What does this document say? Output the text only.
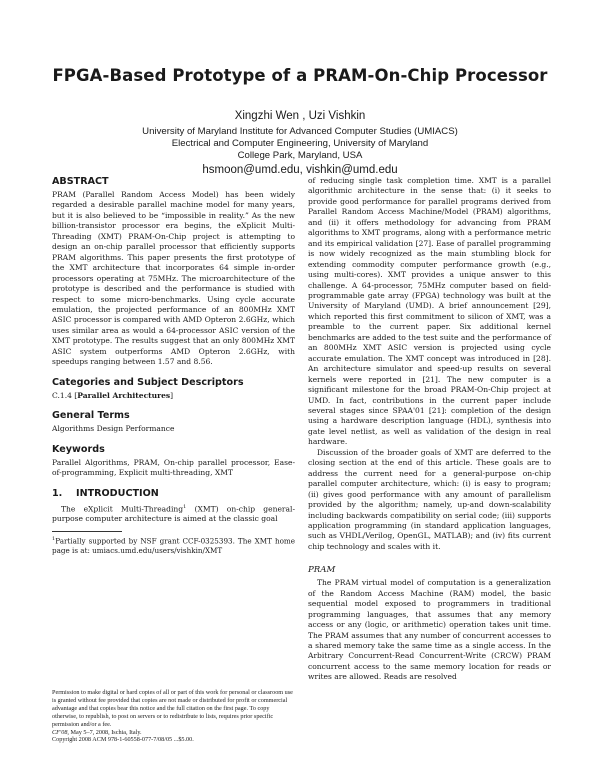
FPGA-Based Prototype of a PRAM-On-Chip Processor
Xingzhi Wen , Uzi Vishkin
University of Maryland Institute for Advanced Computer Studies (UMIACS)
Electrical and Computer Engineering, University of Maryland
College Park, Maryland, USA
hsmoon@umd.edu, vishkin@umd.edu
ABSTRACT

PRAM (Parallel Random Access Model) has been widely regarded a desirable parallel machine model for many years, but it is also believed to be “impossible in reality.” As the new billion-transistor processor era begins, the eXplicit Multi-Threading (XMT) PRAM-On-Chip project is attempting to design an on-chip parallel processor that efficiently supports PRAM algorithms. This paper presents the first prototype of the XMT architecture that incorporates 64 simple in-order processors operating at 75MHz. The microarchitecture of the prototype is described and the performance is studied with respect to some micro-benchmarks. Using cycle accurate emulation, the projected performance of an 800MHz XMT ASIC processor is compared with AMD Opteron 2.6GHz, which uses similar area as would a 64-processor ASIC version of the XMT prototype. The results suggest that an only 800MHz XMT ASIC system outperforms AMD Opteron 2.6GHz, with speedups ranging between 1.57 and 8.56.

Categories and Subject Descriptors

C.1.4 [Parallel Architectures]

General Terms

Algorithms Design Performance

Keywords

Parallel Algorithms, PRAM, On-chip parallel processor, Ease-of-programming, Explicit multi-threading, XMT

1. INTRODUCTION

The eXplicit Multi-Threading$^1$ (XMT) on-chip general-purpose computer architecture is aimed at the classic goal

$^1$Partially supported by NSF grant CCF-0325393. The XMT home page is at: umiacs.umd.edu/users/vishkin/XMT

Permission to make digital or hard copies of all or part of this work for personal or classroom use is granted without fee provided that copies are not made or distributed for profit or commercial advantage and that copies bear this notice and the full citation on the first page. To copy otherwise, to republish, to post on servers or to redistribute to lists, requires prior specific permission and/or a fee.

CF'08, May 5–7, 2008, Ischia, Italy.

Copyright 2008 ACM 978-1-60558-077-7/08/05 ...$5.00.

of reducing single task completion time. XMT is a parallel algorithmic architecture in the sense that: (i) it seeks to provide good performance for parallel programs derived from Parallel Random Access Machine/Model (PRAM) algorithms, and (ii) it offers methodology for advancing from PRAM algorithms to XMT programs, along with a performance metric and its empirical validation [27]. Ease of parallel programming is now widely recognized as the main stumbling block for extending commodity computer performance growth (e.g., using multi-cores). XMT provides a unique answer to this challenge. A 64-processor, 75MHz computer based on field-programmable gate array (FPGA) technology was built at the University of Maryland (UMD). A brief announcement [29], which reported this first commitment to silicon of XMT, was a preamble to the current paper. Six additional kernel benchmarks are added to the test suite and the performance of an 800MHz XMT ASIC version is projected using cycle accurate emulation. The XMT concept was introduced in [28]. An architecture simulator and speed-up results on several kernels were reported in [21]. The new computer is a significant milestone for the broad PRAM-On-Chip project at UMD. In fact, contributions in the current paper include several stages since SPAA'01 [21]: completion of the design using a hardware description language (HDL), synthesis into gate level netlist, as well as validation of the design in real hardware.

Discussion of the broader goals of XMT are deferred to the closing section at the end of this article. These goals are to address the current need for a general-purpose on-chip parallel computer architecture, which: (i) is easy to program; (ii) gives good performance with any amount of parallelism provided by the algorithm; namely, up-and down-scalability including backwards compatibility on serial code; (iii) supports application programming (in standard application languages, such as VHDL/Verilog, OpenGL, MATLAB); and (iv) fits current chip technology and scales with it.

PRAM

The PRAM virtual model of computation is a generalization of the Random Access Machine (RAM) model, the basic sequential model exposed to programmers in traditional programming languages, that assumes that any memory access or any (logic, or arithmetic) operation takes unit time. The PRAM assumes that any number of concurrent accesses to a shared memory take the same time as a single access. In the Arbitrary Concurrent-Read Concurrent-Write (CRCW) PRAM concurrent access to the same memory location for reads or writes are allowed. Reads are resolved
